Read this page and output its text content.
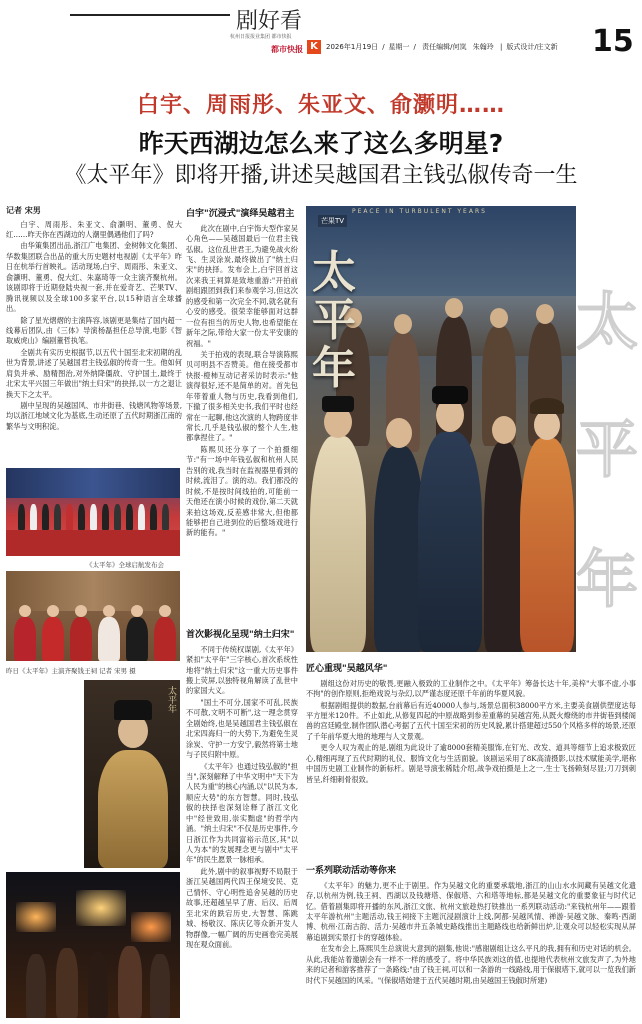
剧好看
杭州日报报业集团 都市快报
都市快报 K	2026年1月19日 / 星期一 / 责任编辑/何岚 朱翰玲 | 版式设计/庄文新 15
白宇、周雨彤、朱亚文、俞灏明……
昨天西湖边怎么来了这么多明星?
《太平年》即将开播,讲述吴越国君主钱弘俶传奇一生
记者 宋男

白宇、周雨彤、朱亚文、俞灏明、董勇、倪大红……昨天你在西湖边的人潮里偶遇他们了吗?

由华策集团出品,浙江广电集团、金树韩文化集团、华数集团联合出品的重大历史题材电视剧《太平年》昨日在杭举行首映礼。活动现场,白宇、周雨彤、朱亚文、俞灏明、董勇、倪大红、朱嘉琦等一众主演齐聚杭州。该剧即将于近期登陆央视一套,并在爱奇艺、芒果TV、腾讯视频以及全球100多家平台,以15种语言全球播出。

除了星光熠熠的主演阵容,该剧更是集结了国内超一线幕后团队,由《三体》导演杨磊担任总导演,电影《智取威虎山》编剧董哲执笔。

全剧共有实历史根据节,以五代十国至北宋初期的乱世为背景,讲述了吴越国君主钱弘俶的传奇一生。他如何肩负并承、励精图治,对外纳降僵敌、守护国土,最终于北宋太平兴国三年做出"纳土归宋"的抉择,以一方之退让换天下之太平。

剧中呈现的吴越国风、市井街巷、钱塘风物等场景,均以浙江地域文化为基底,生动还原了五代时期浙江南的繁华与文明积淀。

《太平年》全球启航发布会
昨日《太平年》主演齐聚钱王祠 记者 宋男 摄
太平年
白宇"沉浸式"演绎吴越君主

此次在剧中,白宇饰大型作家吴心角色——吴越国最后一位君主钱弘俶。这位乱世君王,为避免战火纷飞、生灵涂炭,最终做出了"纳土归宋"的抉择。发布会上,白宇回首这次来我王祠算是致地重游:"开拍前剧组跟团到我们来参观学习,但这次的感受和第一次完全不同,就名就有心安的感受。很荣幸能够面对这群一位有担当的历史人物,也希望能在新年之际,带给大家一份太平安康的祝福。"

关于拍戏的表现,联合导演陈熙贝可明县不否赞美。他在接受都市快报·橙柿互动记者采访时表示:"他演得很好,还不是简单的对。首先包年带着重人物与历史,我看到他们,下撤了很多相关史书,我们平时也经常在一起聊,他这次演的人物跨度非常长,几乎是钱弘俶的整个人生,他都拿捏住了。"

陈熙贝还分享了一个拍摄细节:"有一场中年钱弘俶和杭州人民告别的戏,我当时在监视器里看到的时候,流泪了。演的动。我们都没的时候,不是按时间线拍的,可能前一天他还在演小时候的戏份,第二天就来拍这场戏,反差感非常大,但他都能够把自己进到位的后整场戏进行新的能有。"

首次影视化呈现"纳土归宋"

不同于传统权谋剧,《太平年》紧扣"太平年"三字核心,首次系统性地将"纳土归宋"这一重大历史事件搬上荧屏,以独特视角解读了乱世中的家国大义。

"国土不可分,国家不可乱,民族不可散,文明不可断",这一理念贯穿全剧始终,也是吴越国君主钱弘俶在北宋四海归一的大势下,为避免生灵涂炭、守护一方安宁,毅然将第士地与子民归附中原。

《太平年》也通过钱弘俶的"担当",深刻解释了中华文明中"天下为人民为重"的核心内涵,以"以民为本,顺应大势"的东方智慧。同时,钱弘俶的抉择也深刻诠释了浙江文化中"经世致用,崇实黜虚"的哲学内涵。"纳土归宋"不仅是历史事件,今日浙江作为共同富裕示范区,其"以人为本"的发展理念更与剧中"太平年"的民生愿景一脉相承。

此外,剧中的叙事视野不局限于浙江吴越国两代四王保境安民、克己情怀、守心明性追舍吴越的历史故事,还超越呈早了唐、后汉、后周至北宋的跌宕历史,大智慧、陈跳城、杨敬汉、陈庆亿等众新开发人物群像,一幅广阔的历史画卷完美展现在观众面前。

芒果TV
PEACE IN TURBULENT YEARS
太
平
年
太
平
年
匠心重现"吴越风华"

剧组这份对历史的敬畏,更融入极致的工业制作之中。《太平年》筹备长达十年,美梓"大事不虚,小事不拘"的创作原则,拒绝戏说与杂幻,以严谨态度还原千年前的华夏风貌。

根据剧组提供的数据,台前幕后有近40000人参与,场景总面积38000平方米,主要美食剧供塑度达每平方厘米120件。不止如此,从修复四起的中原战略到参差重幕的吴越宫苑,从既火燎绕的市井街巷到楼阁兽的宫廷殿堂,制作团队潜心考据了五代十国至宋初的历史风貌,累计搭建超过550个风格多样的场景,还原了千年前华夏大地的地理与人文景观。

更令人叹为观止的是,剧组为此设计了逾8000套精美服饰,在钉光、改发、道具等细节上追求极致匠心,精细再现了五代时期的礼仪、服饰文化与生活面貌。该剧运采用了8K高清摄影,以技术赋能美学,堪称中国历史剧工业制作的新标杆。剧是导演张稀陆介绍,战争戏拍摄是上之一,生士飞扬赖刻尽显;刀刀到刺皆呈,纤细刺骨很致。

一系列联动活动等你来

《太平年》的魅力,更不止于剧里。作为吴越文化的重要承载地,浙江的山山水水间藏有吴越文化遗存,以杭州为例,钱王祠、西湖以及钱塘塔、保俶塔、六和塔等地标,都是吴越文化的重要象征与时代记忆。借着剧集即将开播的东风,浙江文旅、杭州文旅趁热打铁推出一系列联动活动:"来钱杭州年——跟着太平年游杭州"主题活动,钱王祠接下主题沉浸剧演计上线,阿都·吴越风情、禅游·吴越文脉、秦鸣·西湖博、杭州·江南古韵、活力·吴越市井五条城史路线推出主题路线也给新鲜出炉,让观众可以轻松实现从屏幕追剧到实景打卡的穿越体验。

在发布会上,陈熙贝生总演说大意到的剧集,他说:"感谢剧组让这么平凡的我,拥有和历史对话的机会。从此,我能站着邀剧会有一样不一样的感受了。将中华民族刘这的值,也提地代表杭州文旅发声了,为外地来的记者和游客推荐了一条路线:"由了钱王祠,可以和一条游的一线路线,用于保俶塔下,就可以一览我们新时代下吴越国的风采。"(保俶塔始建于五代吴越时期,由吴越国王钱俶时所建)
